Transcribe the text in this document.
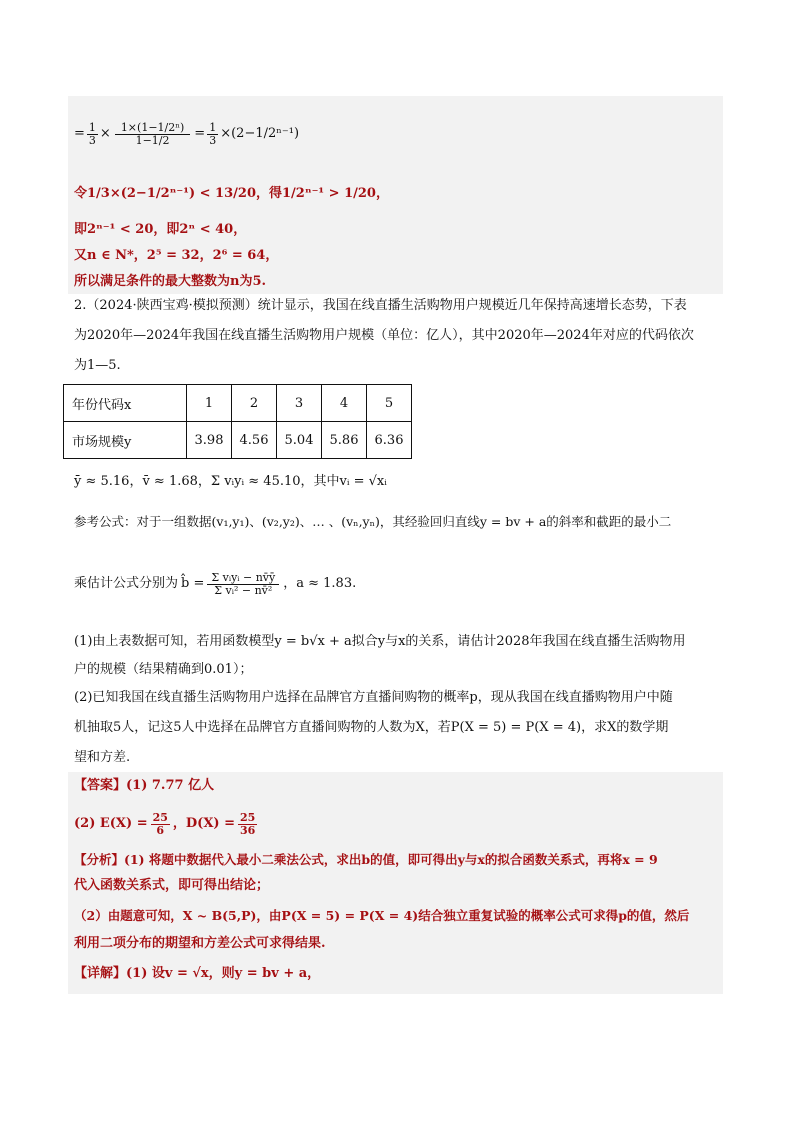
= $\frac{1}{3} \times \frac{\text{1×(1−1/2ⁿ)}}{1-1/2} = \frac{1}{3} \times(2-1/2^{n-1})$
令1/3×(2−1/2ⁿ⁻¹) < 13/20，得1/2ⁿ⁻¹ > 1/20，
即2ⁿ⁻¹ < 20，即2ⁿ < 40，
又n ∈ N*，2⁵ = 32，2⁶ = 64，
所以满足条件的最大整数为n为5.
2.（2024·陕西宝鸡·模拟预测）统计显示，我国在线直播生活购物用户规模近几年保持高速增长态势，下表
为2020年—2024年我国在线直播生活购物用户规模（单位：亿人），其中2020年—2024年对应的代码依次
为1—5.
年份代码x	1	2	3	4	5
市场规模y	3.98	4.56	5.04	5.86	6.36
ȳ ≈ 5.16，v̄ ≈ 1.68，Σ vᵢyᵢ ≈ 45.10，其中vᵢ = √xᵢ
参考公式：对于一组数据(v₁,y₁)、(v₂,y₂)、… 、(vₙ,yₙ)，其经验回归直线y = bv + a的斜率和截距的最小二
乘估计公式分别为 b̂ = $\frac{\text{Σ vᵢyᵢ − nv̄ȳ}}{\text{Σ vᵢ² − nv̄²}}$ ，a ≈ 1.83.
(1)由上表数据可知，若用函数模型y = b√x + a拟合y与x的关系，请估计2028年我国在线直播生活购物用
户的规模（结果精确到0.01）；
(2)已知我国在线直播生活购物用户选择在品牌官方直播间购物的概率p，现从我国在线直播购物用户中随
机抽取5人，记这5人中选择在品牌官方直播间购物的人数为X，若P(X = 5) = P(X = 4)，求X的数学期
望和方差.
【答案】(1) 7.77 亿人
(2) $E(X) = \frac{25}{6}$ ，$D(X) = \frac{25}{36}$
【分析】(1) 将题中数据代入最小二乘法公式，求出b的值，即可得出y与x的拟合函数关系式，再将x = 9
代入函数关系式，即可得出结论；
（2）由题意可知，X ~ B(5,P)，由P(X = 5) = P(X = 4)结合独立重复试验的概率公式可求得p的值，然后
利用二项分布的期望和方差公式可求得结果.
【详解】(1) 设v = √x，则y = bv + a，
